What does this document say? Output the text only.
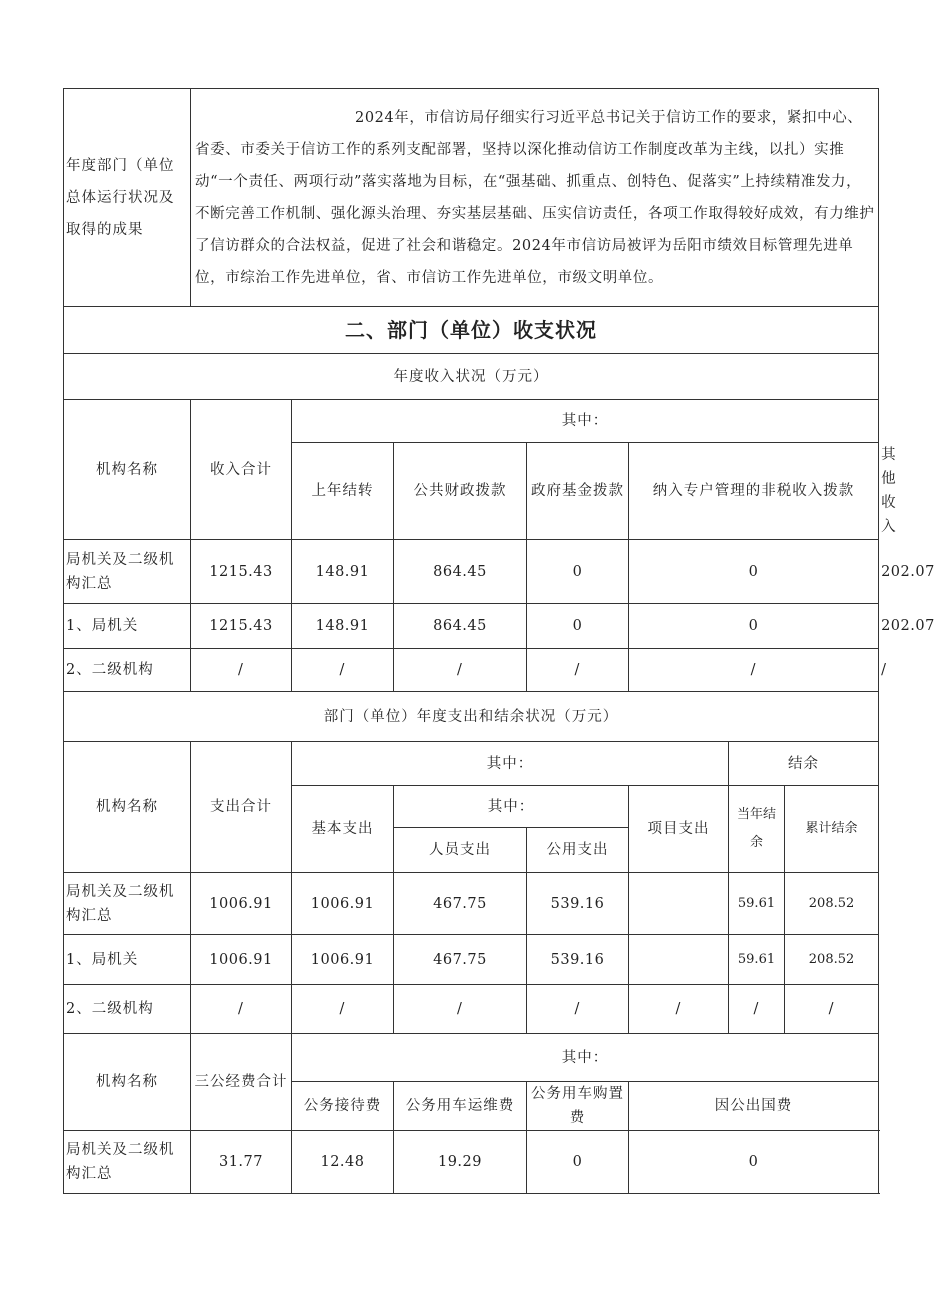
年度部门（单位总体运行状况及取得的成果	2024年，市信访局仔细实行习近平总书记关于信访工作的要求，紧扣中心、省委、市委关于信访工作的系列支配部署，坚持以深化推动信访工作制度改革为主线，以扎）实推动“一个责任、两项行动”落实落地为目标，在“强基础、抓重点、创特色、促落实”上持续精准发力，不断完善工作机制、强化源头治理、夯实基层基础、压实信访责任，各项工作取得较好成效，有力维护了信访群众的合法权益，促进了社会和谐稳定。2024年市信访局被评为岳阳市绩效目标管理先进单位，市综治工作先进单位，省、市信访工作先进单位，市级文明单位。							
二、部门（单位）收支状况								
年度收入状况（万元）								
机构名称	收入合计	其中：						
		上年结转	公共财政拨款	政府基金拨款	纳入专户管理的非税收入拨款			其他收入
局机关及二级机构汇总	1215.43	148.91	864.45	0	0			202.07
1、局机关	1215.43	148.91	864.45	0	0			202.07
2、二级机构	/	/	/	/	/			/
部门（单位）年度支出和结余状况（万元）								
机构名称	支出合计	其中：				结余		
		基本支出	其中：		项目支出	当年结余	累计结余	
			人员支出	公用支出				
局机关及二级机构汇总	1006.91	1006.91	467.75	539.16		59.61	208.52	
1、局机关	1006.91	1006.91	467.75	539.16		59.61	208.52	
2、二级机构	/	/	/	/	/	/	/	
机构名称	三公经费合计	其中：						
		公务接待费	公务用车运维费	公务用车购置费	因公出国费			
局机关及二级机构汇总	31.77	12.48	19.29	0	0			
